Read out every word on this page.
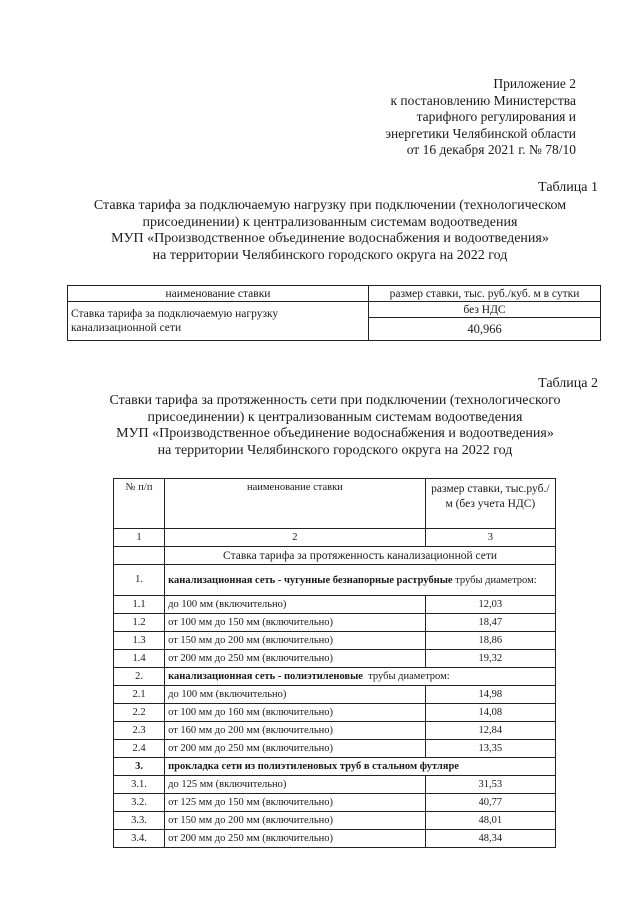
Приложение 2
к постановлению Министерства
тарифного регулирования и
энергетики Челябинской области
от 16 декабря 2021 г. № 78/10
Таблица 1
Ставка тарифа за подключаемую нагрузку при подключении (технологическом
присоединении) к централизованным системам водоотведения
МУП «Производственное объединение водоснабжения и водоотведения»
на территории Челябинского городского округа на 2022 год
наименование ставки	размер ставки, тыс. руб./куб. м в сутки
Ставка тарифа за подключаемую нагрузку канализационной сети	без НДС
	40,966
Таблица 2
Ставки тарифа за протяженность сети при подключении (технологического
присоединении) к централизованным системам водоотведения
МУП «Производственное объединение водоснабжения и водоотведения»
на территории Челябинского городского округа на 2022 год
№ п/п	наименование ставки	размер ставки, тыс.руб./м (без учета НДС)
1	2	3
	Ставка тарифа за протяженность канализационной сети	
1.	канализационная сеть - чугунные безнапорные раструбные трубы диаметром:	
1.1	до 100 мм (включительно)	12,03
1.2	от 100 мм до 150 мм (включительно)	18,47
1.3	от 150 мм до 200 мм (включительно)	18,86
1.4	от 200 мм до 250 мм (включительно)	19,32
2.	канализационная сеть - полиэтиленовые  трубы диаметром:	
2.1	до 100 мм (включительно)	14,98
2.2	от 100 мм до 160 мм (включительно)	14,08
2.3	от 160 мм до 200 мм (включительно)	12,84
2.4	от 200 мм до 250 мм (включительно)	13,35
3.	прокладка сети из полиэтиленовых труб в стальном футляре	
3.1.	до 125 мм (включительно)	31,53
3.2.	от 125 мм до 150 мм (включительно)	40,77
3.3.	от 150 мм до 200 мм (включительно)	48,01
3.4.	от 200 мм до 250 мм (включительно)	48,34
